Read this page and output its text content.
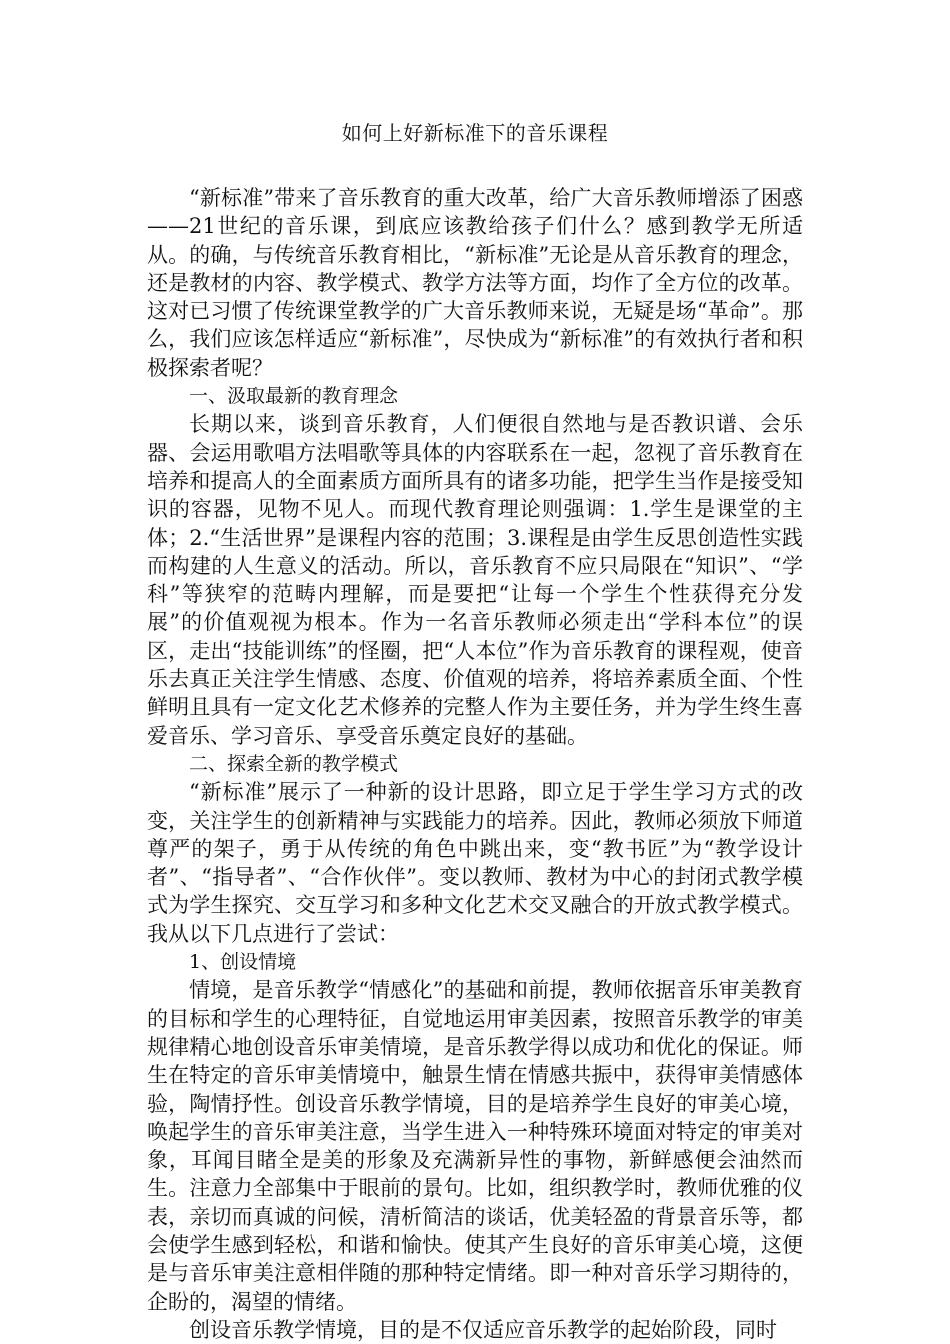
如何上好新标准下的音乐课程

“新标准”带来了音乐教育的重大改革，给广大音乐教师增添了困惑——21世纪的音乐课，到底应该教给孩子们什么？感到教学无所适从。的确，与传统音乐教育相比，“新标准”无论是从音乐教育的理念，还是教材的内容、教学模式、教学方法等方面，均作了全方位的改革。这对已习惯了传统课堂教学的广大音乐教师来说，无疑是场“革命”。那么，我们应该怎样适应“新标准”，尽快成为“新标准”的有效执行者和积极探索者呢？

一、汲取最新的教育理念

长期以来，谈到音乐教育，人们便很自然地与是否教识谱、会乐器、会运用歌唱方法唱歌等具体的内容联系在一起，忽视了音乐教育在培养和提高人的全面素质方面所具有的诸多功能，把学生当作是接受知识的容器，见物不见人。而现代教育理论则强调：1.学生是课堂的主体；2.“生活世界”是课程内容的范围；3.课程是由学生反思创造性实践而构建的人生意义的活动。所以，音乐教育不应只局限在“知识”、“学科”等狭窄的范畴内理解，而是要把“让每一个学生个性获得充分发展”的价值观视为根本。作为一名音乐教师必须走出“学科本位”的误区，走出“技能训练”的怪圈，把“人本位”作为音乐教育的课程观，使音乐去真正关注学生情感、态度、价值观的培养，将培养素质全面、个性鲜明且具有一定文化艺术修养的完整人作为主要任务，并为学生终生喜爱音乐、学习音乐、享受音乐奠定良好的基础。

二、探索全新的教学模式

“新标准”展示了一种新的设计思路，即立足于学生学习方式的改变，关注学生的创新精神与实践能力的培养。因此，教师必须放下师道尊严的架子，勇于从传统的角色中跳出来，变“教书匠”为“教学设计者”、“指导者”、“合作伙伴”。变以教师、教材为中心的封闭式教学模式为学生探究、交互学习和多种文化艺术交叉融合的开放式教学模式。我从以下几点进行了尝试：

1、创设情境

情境，是音乐教学“情感化”的基础和前提，教师依据音乐审美教育的目标和学生的心理特征，自觉地运用审美因素，按照音乐教学的审美规律精心地创设音乐审美情境，是音乐教学得以成功和优化的保证。师生在特定的音乐审美情境中，触景生情在情感共振中，获得审美情感体验，陶情抒性。创设音乐教学情境，目的是培养学生良好的审美心境，唤起学生的音乐审美注意，当学生进入一种特殊环境面对特定的审美对象，耳闻目睹全是美的形象及充满新异性的事物，新鲜感便会油然而生。注意力全部集中于眼前的景句。比如，组织教学时，教师优雅的仪表，亲切而真诚的问候，清析简洁的谈话，优美轻盈的背景音乐等，都会使学生感到轻松，和谐和愉快。使其产生良好的音乐审美心境，这便是与音乐审美注意相伴随的那种特定情绪。即一种对音乐学习期待的，企盼的，渴望的情绪。

创设音乐教学情境，目的是不仅适应音乐教学的起始阶段，同时
